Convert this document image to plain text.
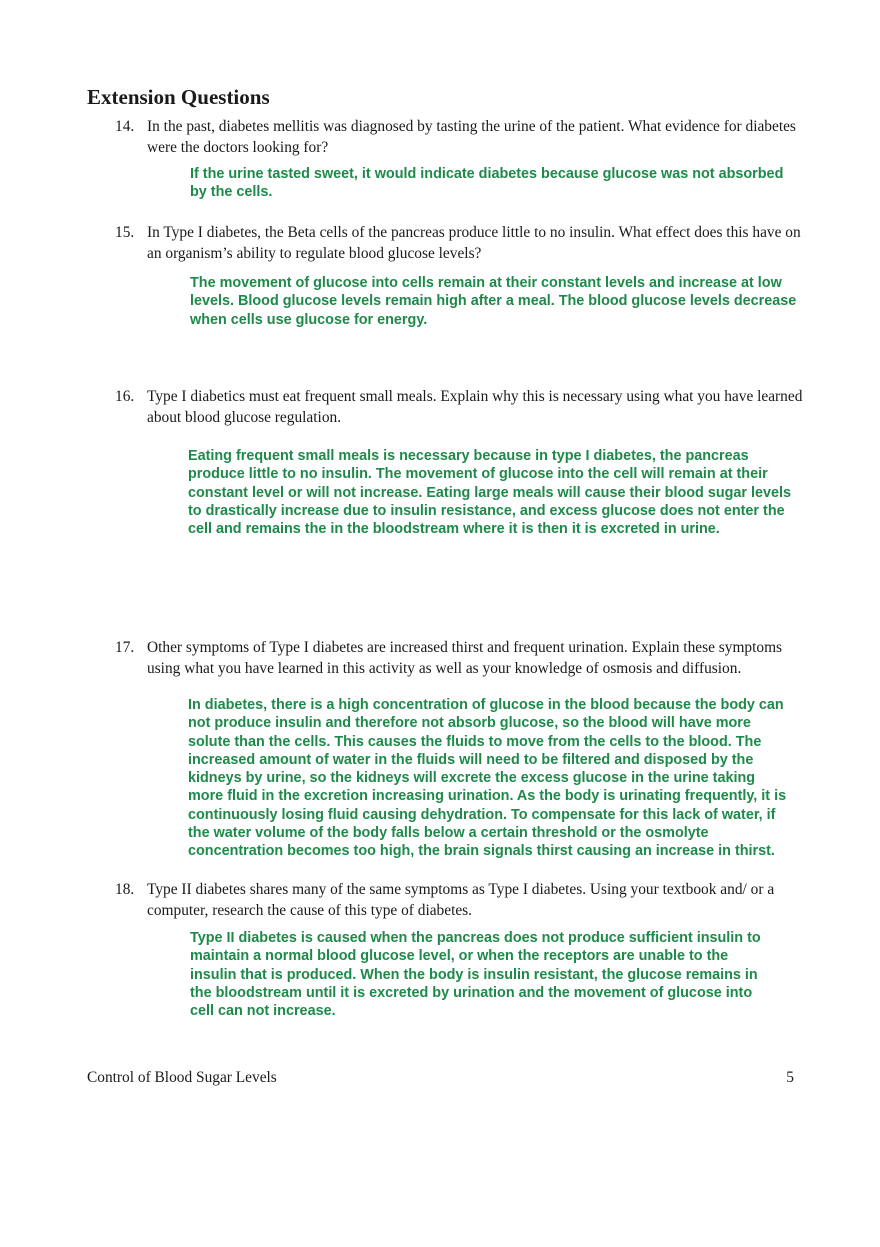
Extension Questions
14. In the past, diabetes mellitis was diagnosed by tasting the urine of the patient. What evidence for diabetes were the doctors looking for?
If the urine tasted sweet, it would indicate diabetes because glucose was not absorbed by the cells.
15. In Type I diabetes, the Beta cells of the pancreas produce little to no insulin. What effect does this have on an organism’s ability to regulate blood glucose levels?
The movement of glucose into cells remain at their constant levels and increase at low levels. Blood glucose levels remain high after a meal. The blood glucose levels decrease when cells use glucose for energy.
16. Type I diabetics must eat frequent small meals. Explain why this is necessary using what you have learned about blood glucose regulation.
Eating frequent small meals is necessary because in type I diabetes, the pancreas produce little to no insulin. The movement of glucose into the cell will remain at their constant level or will not increase. Eating large meals will cause their blood sugar levels to drastically increase due to insulin resistance, and excess glucose does not enter the cell and remains the in the bloodstream where it is then it is excreted in urine.
17. Other symptoms of Type I diabetes are increased thirst and frequent urination. Explain these symptoms using what you have learned in this activity as well as your knowledge of osmosis and diffusion.
In diabetes, there is a high concentration of glucose in the blood because the body can not produce insulin and therefore not absorb glucose, so the blood will have more solute than the cells. This causes the fluids to move from the cells to the blood. The increased amount of water in the fluids will need to be filtered and disposed by the kidneys by urine, so the kidneys will excrete the excess glucose in the urine taking more fluid in the excretion increasing urination. As the body is urinating frequently, it is continuously losing fluid causing dehydration. To compensate for this lack of water, if the water volume of the body falls below a certain threshold or the osmolyte concentration becomes too high, the brain signals thirst causing an increase in thirst.
18. Type II diabetes shares many of the same symptoms as Type I diabetes. Using your textbook and/ or a computer, research the cause of this type of diabetes.
Type II diabetes is caused when the pancreas does not produce sufficient insulin to maintain a normal blood glucose level, or when the receptors are unable to the insulin that is produced. When the body is insulin resistant, the glucose remains in the bloodstream until it is excreted by urination and the movement of glucose into cell can not increase.
Control of Blood Sugar Levels	5
